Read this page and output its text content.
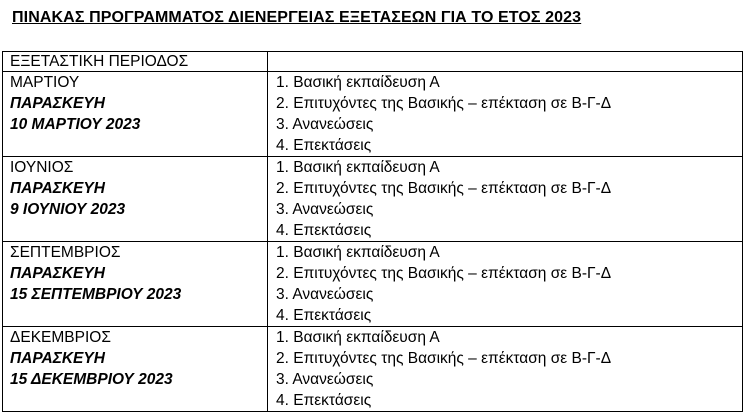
ΠΙΝΑΚΑΣ ΠΡΟΓΡΑΜΜΑΤΟΣ ΔΙΕΝΕΡΓΕΙΑΣ ΕΞΕΤΑΣΕΩΝ ΓΙΑ ΤΟ ΕΤΟΣ 2023
ΕΞΕΤΑΣΤΙΚΗ ΠΕΡΙΟΔΟΣ	

ΜΑΡΤΙΟΥ
ΠΑΡΑΣΚΕΥΗ
10 ΜΑΡΤΙΟΥ 2023	1. Βασική εκπαίδευση Α
2. Επιτυχόντες της Βασικής – επέκταση σε Β-Γ-Δ
3. Ανανεώσεις
4. Επεκτάσεις

ΙΟΥΝΙΟΣ
ΠΑΡΑΣΚΕΥΗ
9 ΙΟΥΝΙΟΥ 2023	1. Βασική εκπαίδευση Α
2. Επιτυχόντες της Βασικής – επέκταση σε Β-Γ-Δ
3. Ανανεώσεις
4. Επεκτάσεις

ΣΕΠΤΕΜΒΡΙΟΣ
ΠΑΡΑΣΚΕΥΗ
15 ΣΕΠΤΕΜΒΡΙΟΥ 2023	1. Βασική εκπαίδευση Α
2. Επιτυχόντες της Βασικής – επέκταση σε Β-Γ-Δ
3. Ανανεώσεις
4. Επεκτάσεις

ΔΕΚΕΜΒΡΙΟΣ
ΠΑΡΑΣΚΕΥΗ
15 ΔΕΚΕΜΒΡΙΟΥ 2023	1. Βασική εκπαίδευση Α
2. Επιτυχόντες της Βασικής – επέκταση σε Β-Γ-Δ
3. Ανανεώσεις
4. Επεκτάσεις
